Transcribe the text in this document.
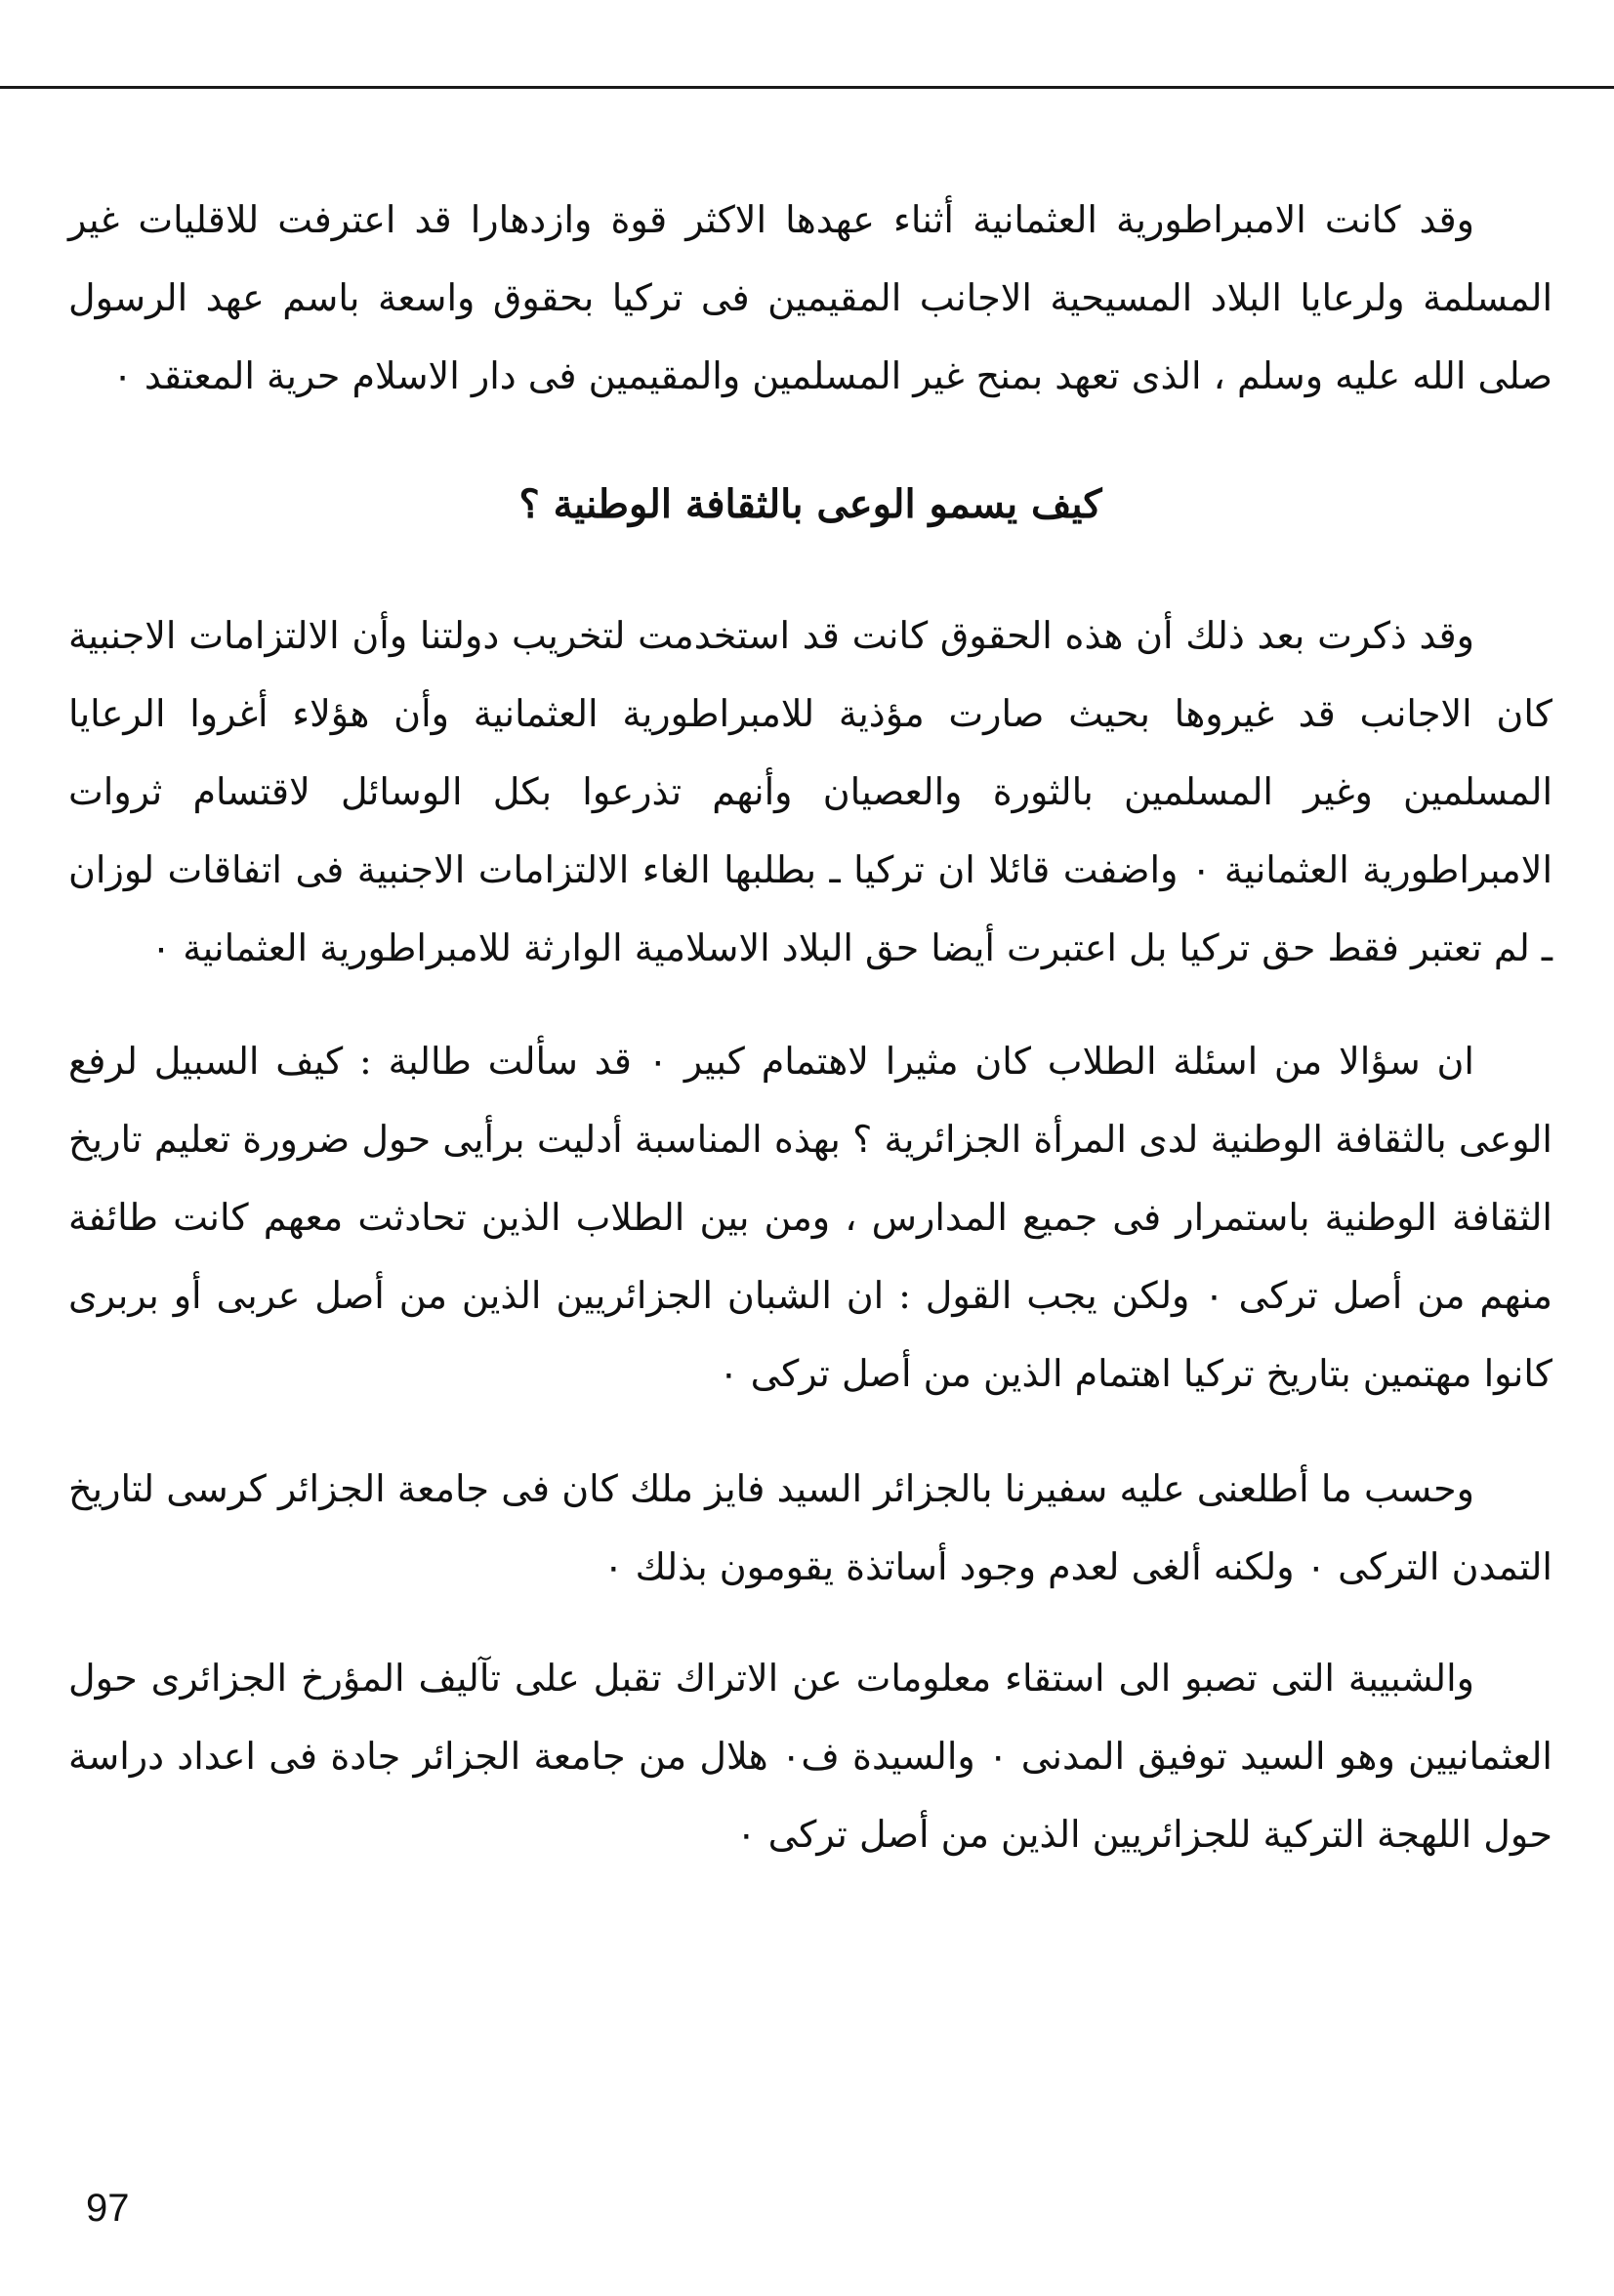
وقد كانت الامبراطورية العثمانية أثناء عهدها الاكثر قوة وازدهارا قد اعترفت للاقليات غير المسلمة ولرعايا البلاد المسيحية الاجانب المقيمين فى تركيا بحقوق واسعة باسم عهد الرسول صلى الله عليه وسلم ، الذى تعهد بمنح غير المسلمين والمقيمين فى دار الاسلام حرية المعتقد ٠

كيف يسمو الوعى بالثقافة الوطنية ؟

وقد ذكرت بعد ذلك أن هذه الحقوق كانت قد استخدمت لتخريب دولتنا وأن الالتزامات الاجنبية كان الاجانب قد غيروها بحيث صارت مؤذية للامبراطورية العثمانية وأن هؤلاء أغروا الرعايا المسلمين وغير المسلمين بالثورة والعصيان وأنهم تذرعوا بكل الوسائل لاقتسام ثروات الامبراطورية العثمانية ٠ واضفت قائلا ان تركيا ـ بطلبها الغاء الالتزامات الاجنبية فى اتفاقات لوزان ـ لم تعتبر فقط حق تركيا بل اعتبرت أيضا حق البلاد الاسلامية الوارثة للامبراطورية العثمانية ٠

ان سؤالا من اسئلة الطلاب كان مثيرا لاهتمام كبير ٠ قد سألت طالبة : كيف السبيل لرفع الوعى بالثقافة الوطنية لدى المرأة الجزائرية ؟ بهذه المناسبة أدليت برأيى حول ضرورة تعليم تاريخ الثقافة الوطنية باستمرار فى جميع المدارس ، ومن بين الطلاب الذين تحادثت معهم كانت طائفة منهم من أصل تركى ٠ ولكن يجب القول : ان الشبان الجزائريين الذين من أصل عربى أو بربرى كانوا مهتمين بتاريخ تركيا اهتمام الذين من أصل تركى ٠

وحسب ما أطلعنى عليه سفيرنا بالجزائر السيد فايز ملك كان فى جامعة الجزائر كرسى لتاريخ التمدن التركى ٠ ولكنه ألغى لعدم وجود أساتذة يقومون بذلك ٠

والشبيبة التى تصبو الى استقاء معلومات عن الاتراك تقبل على تآليف المؤرخ الجزائرى حول العثمانيين وهو السيد توفيق المدنى ٠ والسيدة ف٠ هلال من جامعة الجزائر جادة فى اعداد دراسة حول اللهجة التركية للجزائريين الذين من أصل تركى ٠

97
